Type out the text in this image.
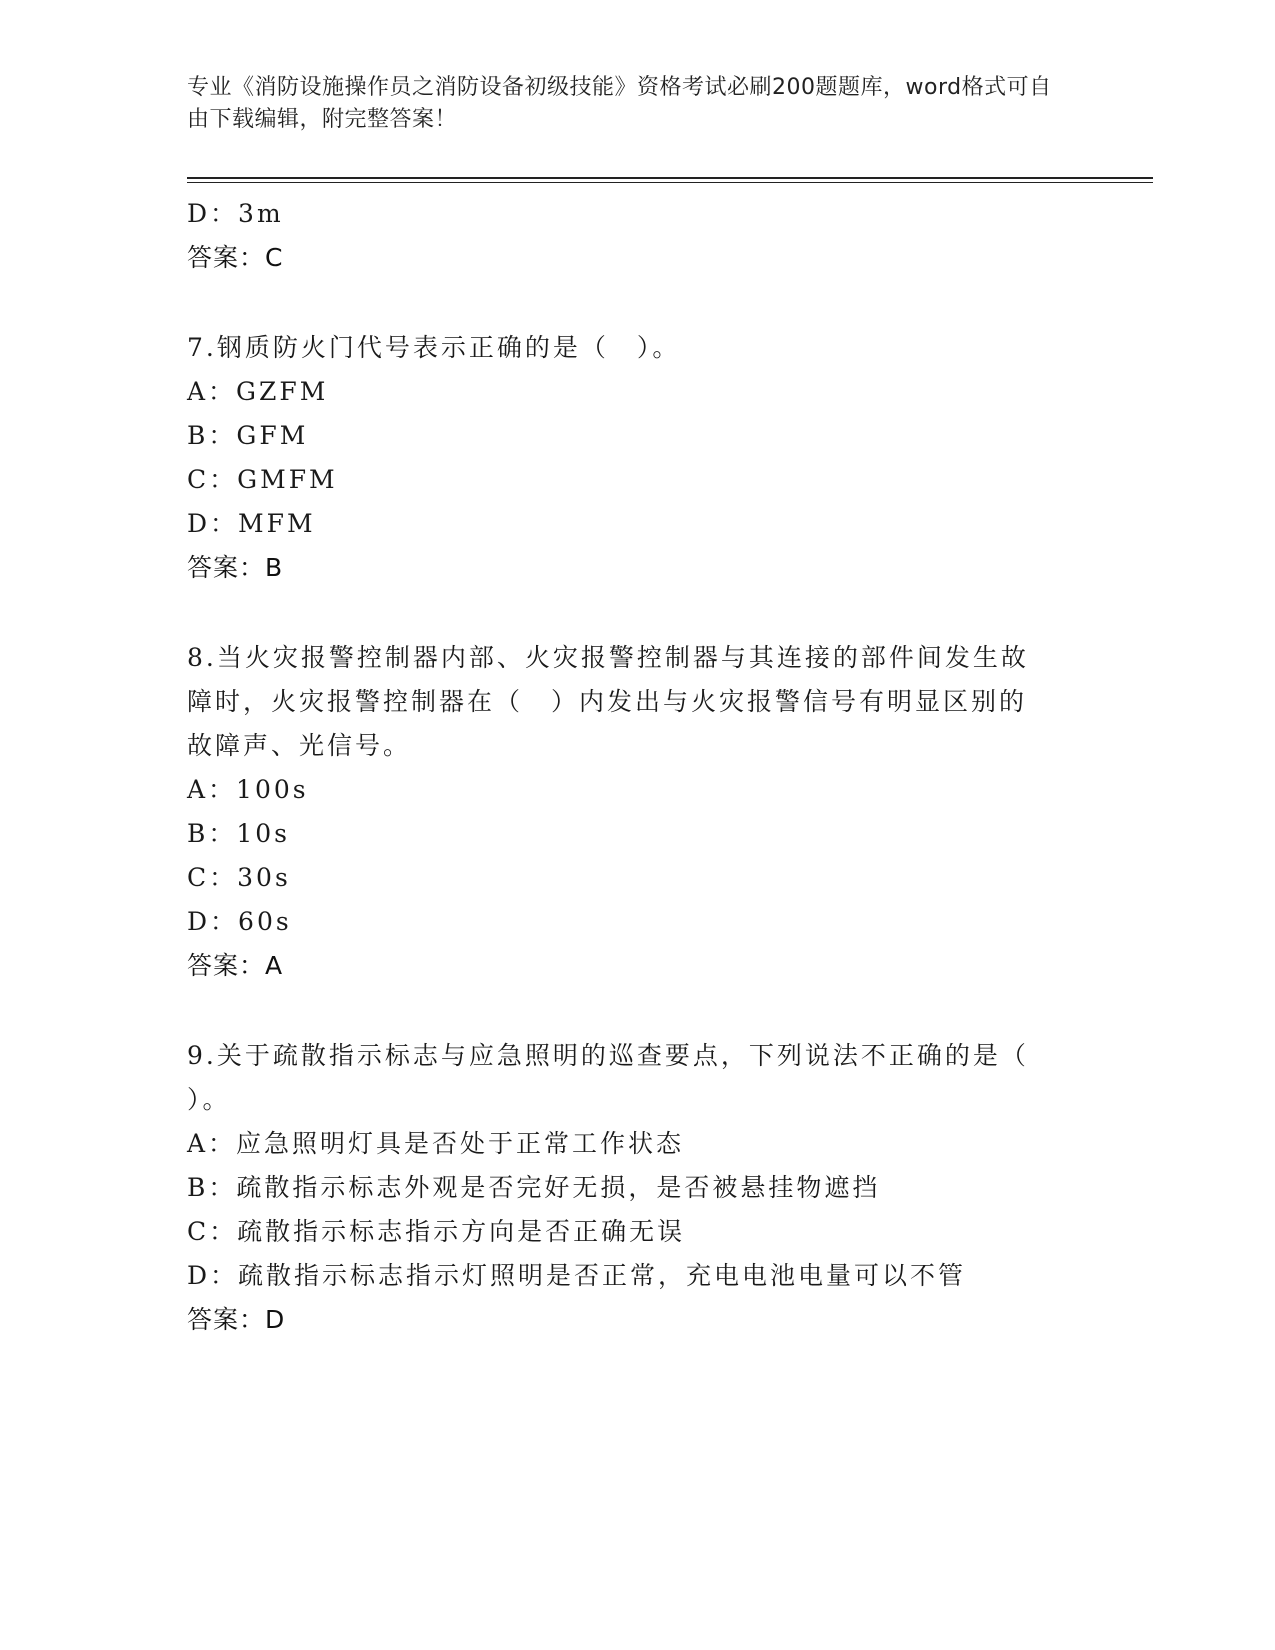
专业《消防设施操作员之消防设备初级技能》资格考试必刷200题题库，word格式可自由下载编辑，附完整答案！
D：3m
答案：C
7.钢质防火门代号表示正确的是（　）。
A：GZFM
B：GFM
C：GMFM
D：MFM
答案：B
8.当火灾报警控制器内部、火灾报警控制器与其连接的部件间发生故
障时，火灾报警控制器在（　）内发出与火灾报警信号有明显区别的
故障声、光信号。
A：100s
B：10s
C：30s
D：60s
答案：A
9.关于疏散指示标志与应急照明的巡查要点，下列说法不正确的是（
）。
A：应急照明灯具是否处于正常工作状态
B：疏散指示标志外观是否完好无损，是否被悬挂物遮挡
C：疏散指示标志指示方向是否正确无误
D：疏散指示标志指示灯照明是否正常，充电电池电量可以不管
答案：D
